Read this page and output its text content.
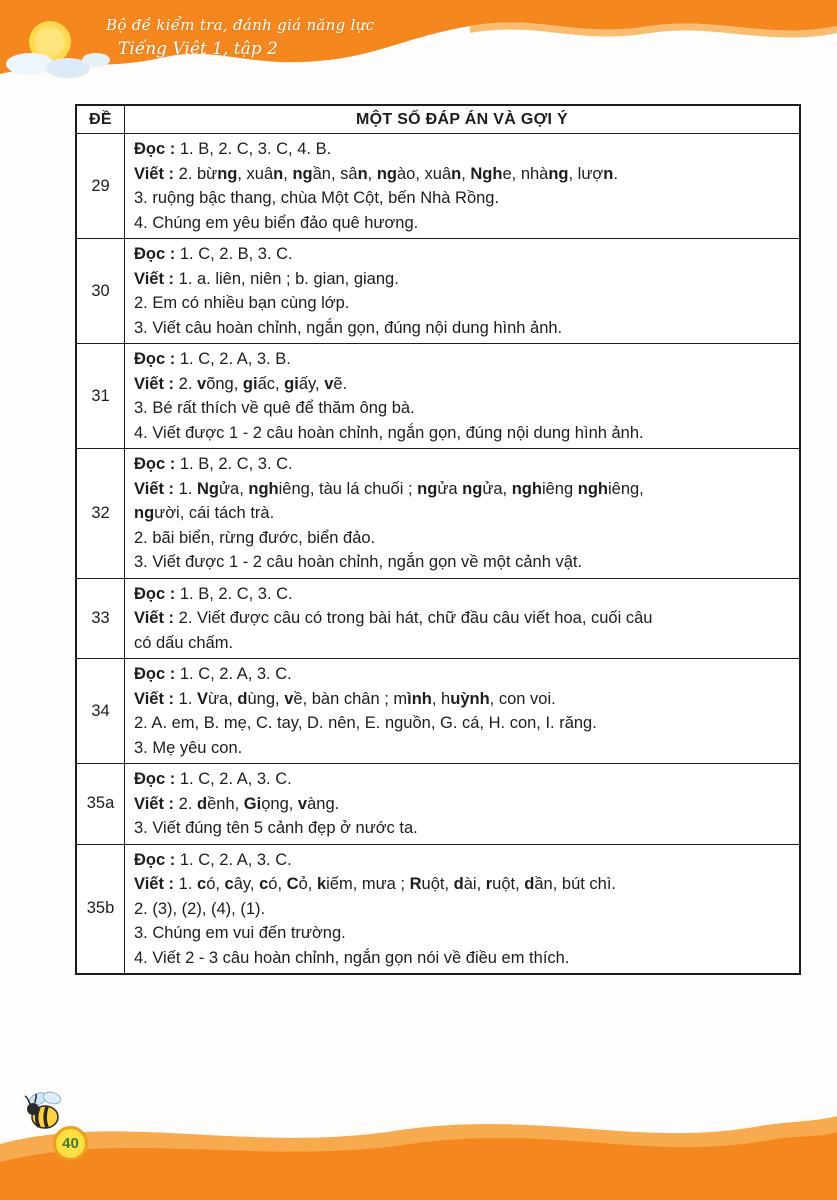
Bộ đề kiểm tra, đánh giá năng lực
Tiếng Việt 1, tập 2
ĐỀ	MỘT SỐ ĐÁP ÁN VÀ GỢI Ý
29
Đọc : 1. B, 2. C, 3. C, 4. B.
Viết : 2. bừng, xuân, ngần, sân, ngào, xuân, Nghe, nhàng, lượn.
3. ruộng bậc thang, chùa Một Cột, bến Nhà Rồng.
4. Chúng em yêu biển đảo quê hương.
30
Đọc : 1. C, 2. B, 3. C.
Viết : 1. a. liên, niên ; b. gian, giang.
2. Em có nhiều bạn cùng lớp.
3. Viết câu hoàn chỉnh, ngắn gọn, đúng nội dung hình ảnh.
31
Đọc : 1. C, 2. A, 3. B.
Viết : 2. võng, giấc, giấy, vẽ.
3. Bé rất thích về quê để thăm ông bà.
4. Viết được 1 - 2 câu hoàn chỉnh, ngắn gọn, đúng nội dung hình ảnh.
32
Đọc : 1. B, 2. C, 3. C.
Viết : 1. Ngửa, nghiêng, tàu lá chuối ; ngửa ngửa, nghiêng nghiêng,
người, cái tách trà.
2. bãi biển, rừng đước, biển đảo.
3. Viết được 1 - 2 câu hoàn chỉnh, ngắn gọn về một cảnh vật.
33
Đọc : 1. B, 2. C, 3. C.
Viết : 2. Viết được câu có trong bài hát, chữ đầu câu viết hoa, cuối câu
có dấu chấm.
34
Đọc : 1. C, 2. A, 3. C.
Viết : 1. Vừa, dùng, về, bàn chân ; mình, huỳnh, con voi.
2. A. em, B. mẹ, C. tay, D. nên, E. nguồn, G. cá, H. con, I. răng.
3. Mẹ yêu con.
35a
Đọc : 1. C, 2. A, 3. C.
Viết : 2. dềnh, Giọng, vàng.
3. Viết đúng tên 5 cảnh đẹp ở nước ta.
35b
Đọc : 1. C, 2. A, 3. C.
Viết : 1. có, cây, có, Cỏ, kiếm, mưa ; Ruột, dài, ruột, dần, bút chì.
2. (3), (2), (4), (1).
3. Chúng em vui đến trường.
4. Viết 2 - 3 câu hoàn chỉnh, ngắn gọn nói về điều em thích.
40
